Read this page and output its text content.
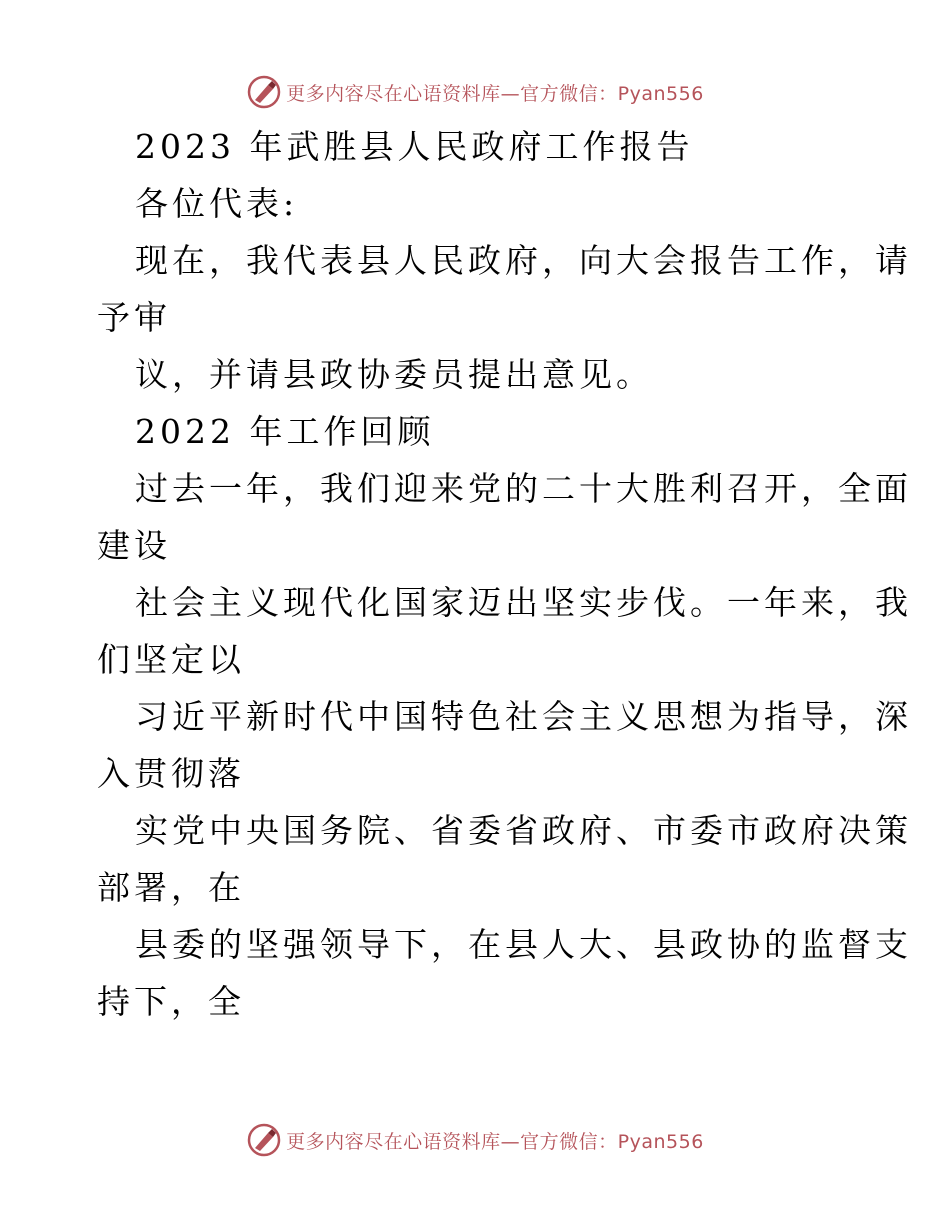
更多内容尽在心语资料库—官方微信：Pyan556
2023 年武胜县人民政府工作报告
各位代表:
现在，我代表县人民政府，向大会报告工作，请
予审
议，并请县政协委员提出意见。
2022 年工作回顾
过去一年，我们迎来党的二十大胜利召开，全面
建设
社会主义现代化国家迈出坚实步伐。一年来，我
们坚定以
习近平新时代中国特色社会主义思想为指导，深
入贯彻落
实党中央国务院、省委省政府、市委市政府决策
部署，在
县委的坚强领导下，在县人大、县政协的监督支
持下，全
更多内容尽在心语资料库—官方微信：Pyan556
